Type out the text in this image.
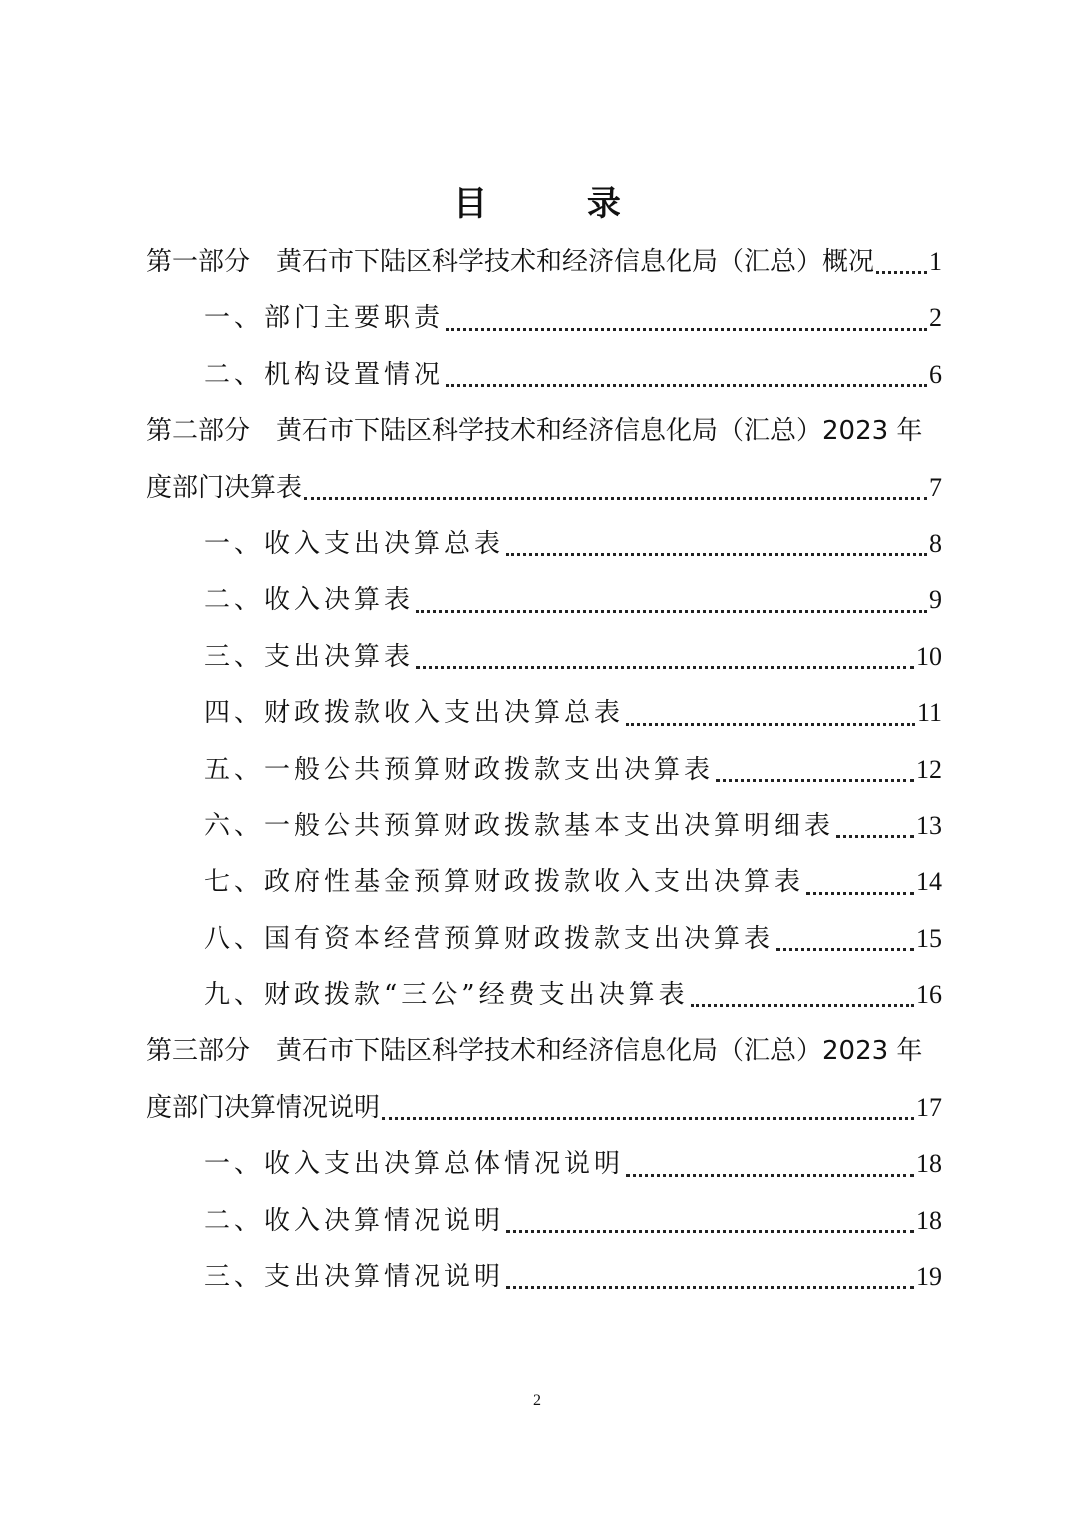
目 录
第一部分　黄石市下陆区科学技术和经济信息化局（汇总）概况 1
一、部门主要职责	2
二、机构设置情况	6
第二部分　黄石市下陆区科学技术和经济信息化局（汇总）2023 年
度部门决算表	7
一、收入支出决算总表	8
二、收入决算表	9
三、支出决算表	10
四、财政拨款收入支出决算总表	11
五、一般公共预算财政拨款支出决算表	12
六、一般公共预算财政拨款基本支出决算明细表	13
七、政府性基金预算财政拨款收入支出决算表	14
八、国有资本经营预算财政拨款支出决算表	15
九、财政拨款“三公”经费支出决算表	16
第三部分　黄石市下陆区科学技术和经济信息化局（汇总）2023 年
度部门决算情况说明	17
一、收入支出决算总体情况说明	18
二、收入决算情况说明	18
三、支出决算情况说明	19
2
